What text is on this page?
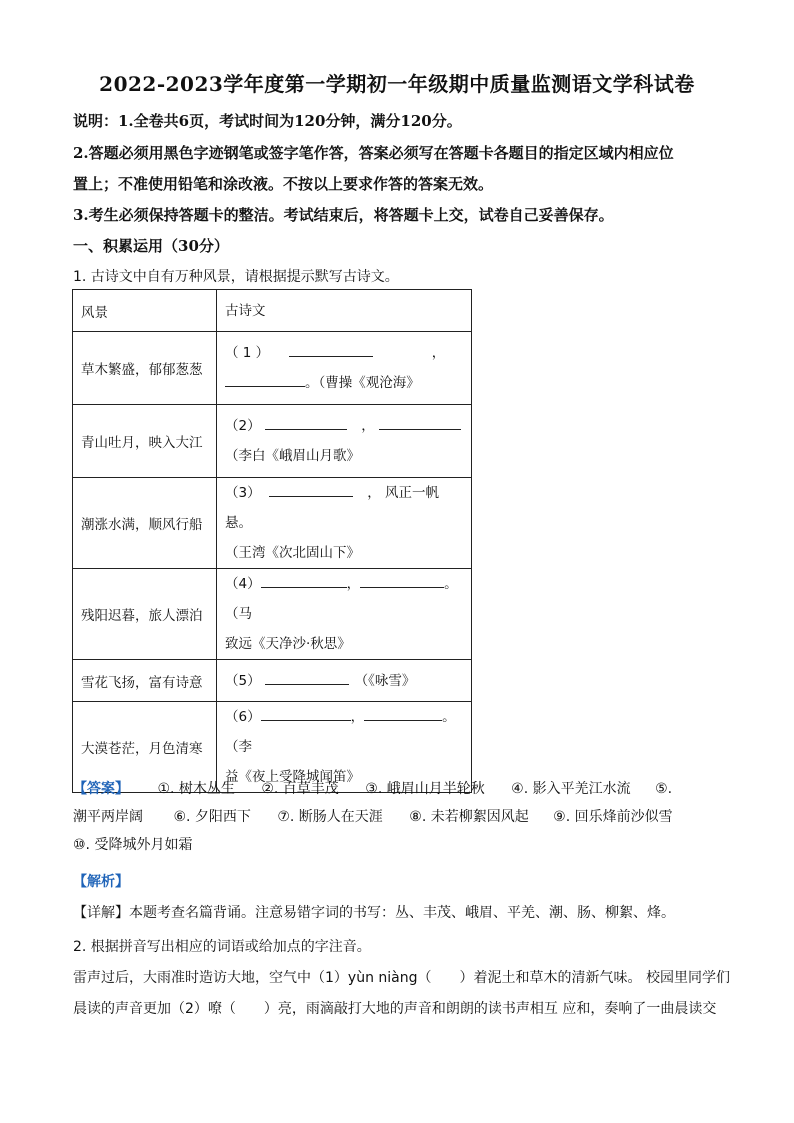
2022-2023学年度第一学期初一年级期中质量监测语文学科试卷
说明：1.全卷共6页，考试时间为120分钟，满分120分。
2.答题必须用黑色字迹钢笔或签字笔作答，答案必须写在答题卡各题目的指定区域内相应位
置上；不准使用铅笔和涂改液。不按以上要求作答的答案无效。
3.考生必须保持答题卡的整洁。考试结束后，将答题卡上交，试卷自己妥善保存。
一、积累运用（30分）
1. 古诗文中自有万种风景，请根据提示默写古诗文。
风景	古诗文
草木繁盛，郁郁葱葱	（ 1 ） ，
。（曹操《观沧海》
青山吐月，映入大江	（2） ，
（李白《峨眉山月歌》
潮涨水满，顺风行船	（3） ， 风正一帆悬。
（王湾《次北固山下》
残阳迟暮，旅人漂泊	（4） ， 。（马
致远《天净沙·秋思》
雪花飞扬，富有诗意	（5） （《咏雪》
大漠苍茫，月色清寒	（6） ， 。（李
益《夜上受降城闻笛》
【答案】 ①. 树木丛生 ②. 百草丰茂 ③. 峨眉山月半轮秋 ④. 影入平羌江水流 ⑤.
潮平两岸阔 ⑥. 夕阳西下 ⑦. 断肠人在天涯 ⑧. 未若柳絮因风起 ⑨. 回乐烽前沙似雪
⑩. 受降城外月如霜
【解析】
【详解】本题考查名篇背诵。注意易错字词的书写：丛、丰茂、峨眉、平羌、潮、肠、柳絮、烽。
2. 根据拼音写出相应的词语或给加点的字注音。
雷声过后，大雨准时造访大地，空气中（1）yùn niàng（　　）着泥土和草木的清新气味。 校园里同学们
晨读的声音更加（2）嘹（　　）亮，雨滴敲打大地的声音和朗朗的读书声相互 应和，奏响了一曲晨读交
